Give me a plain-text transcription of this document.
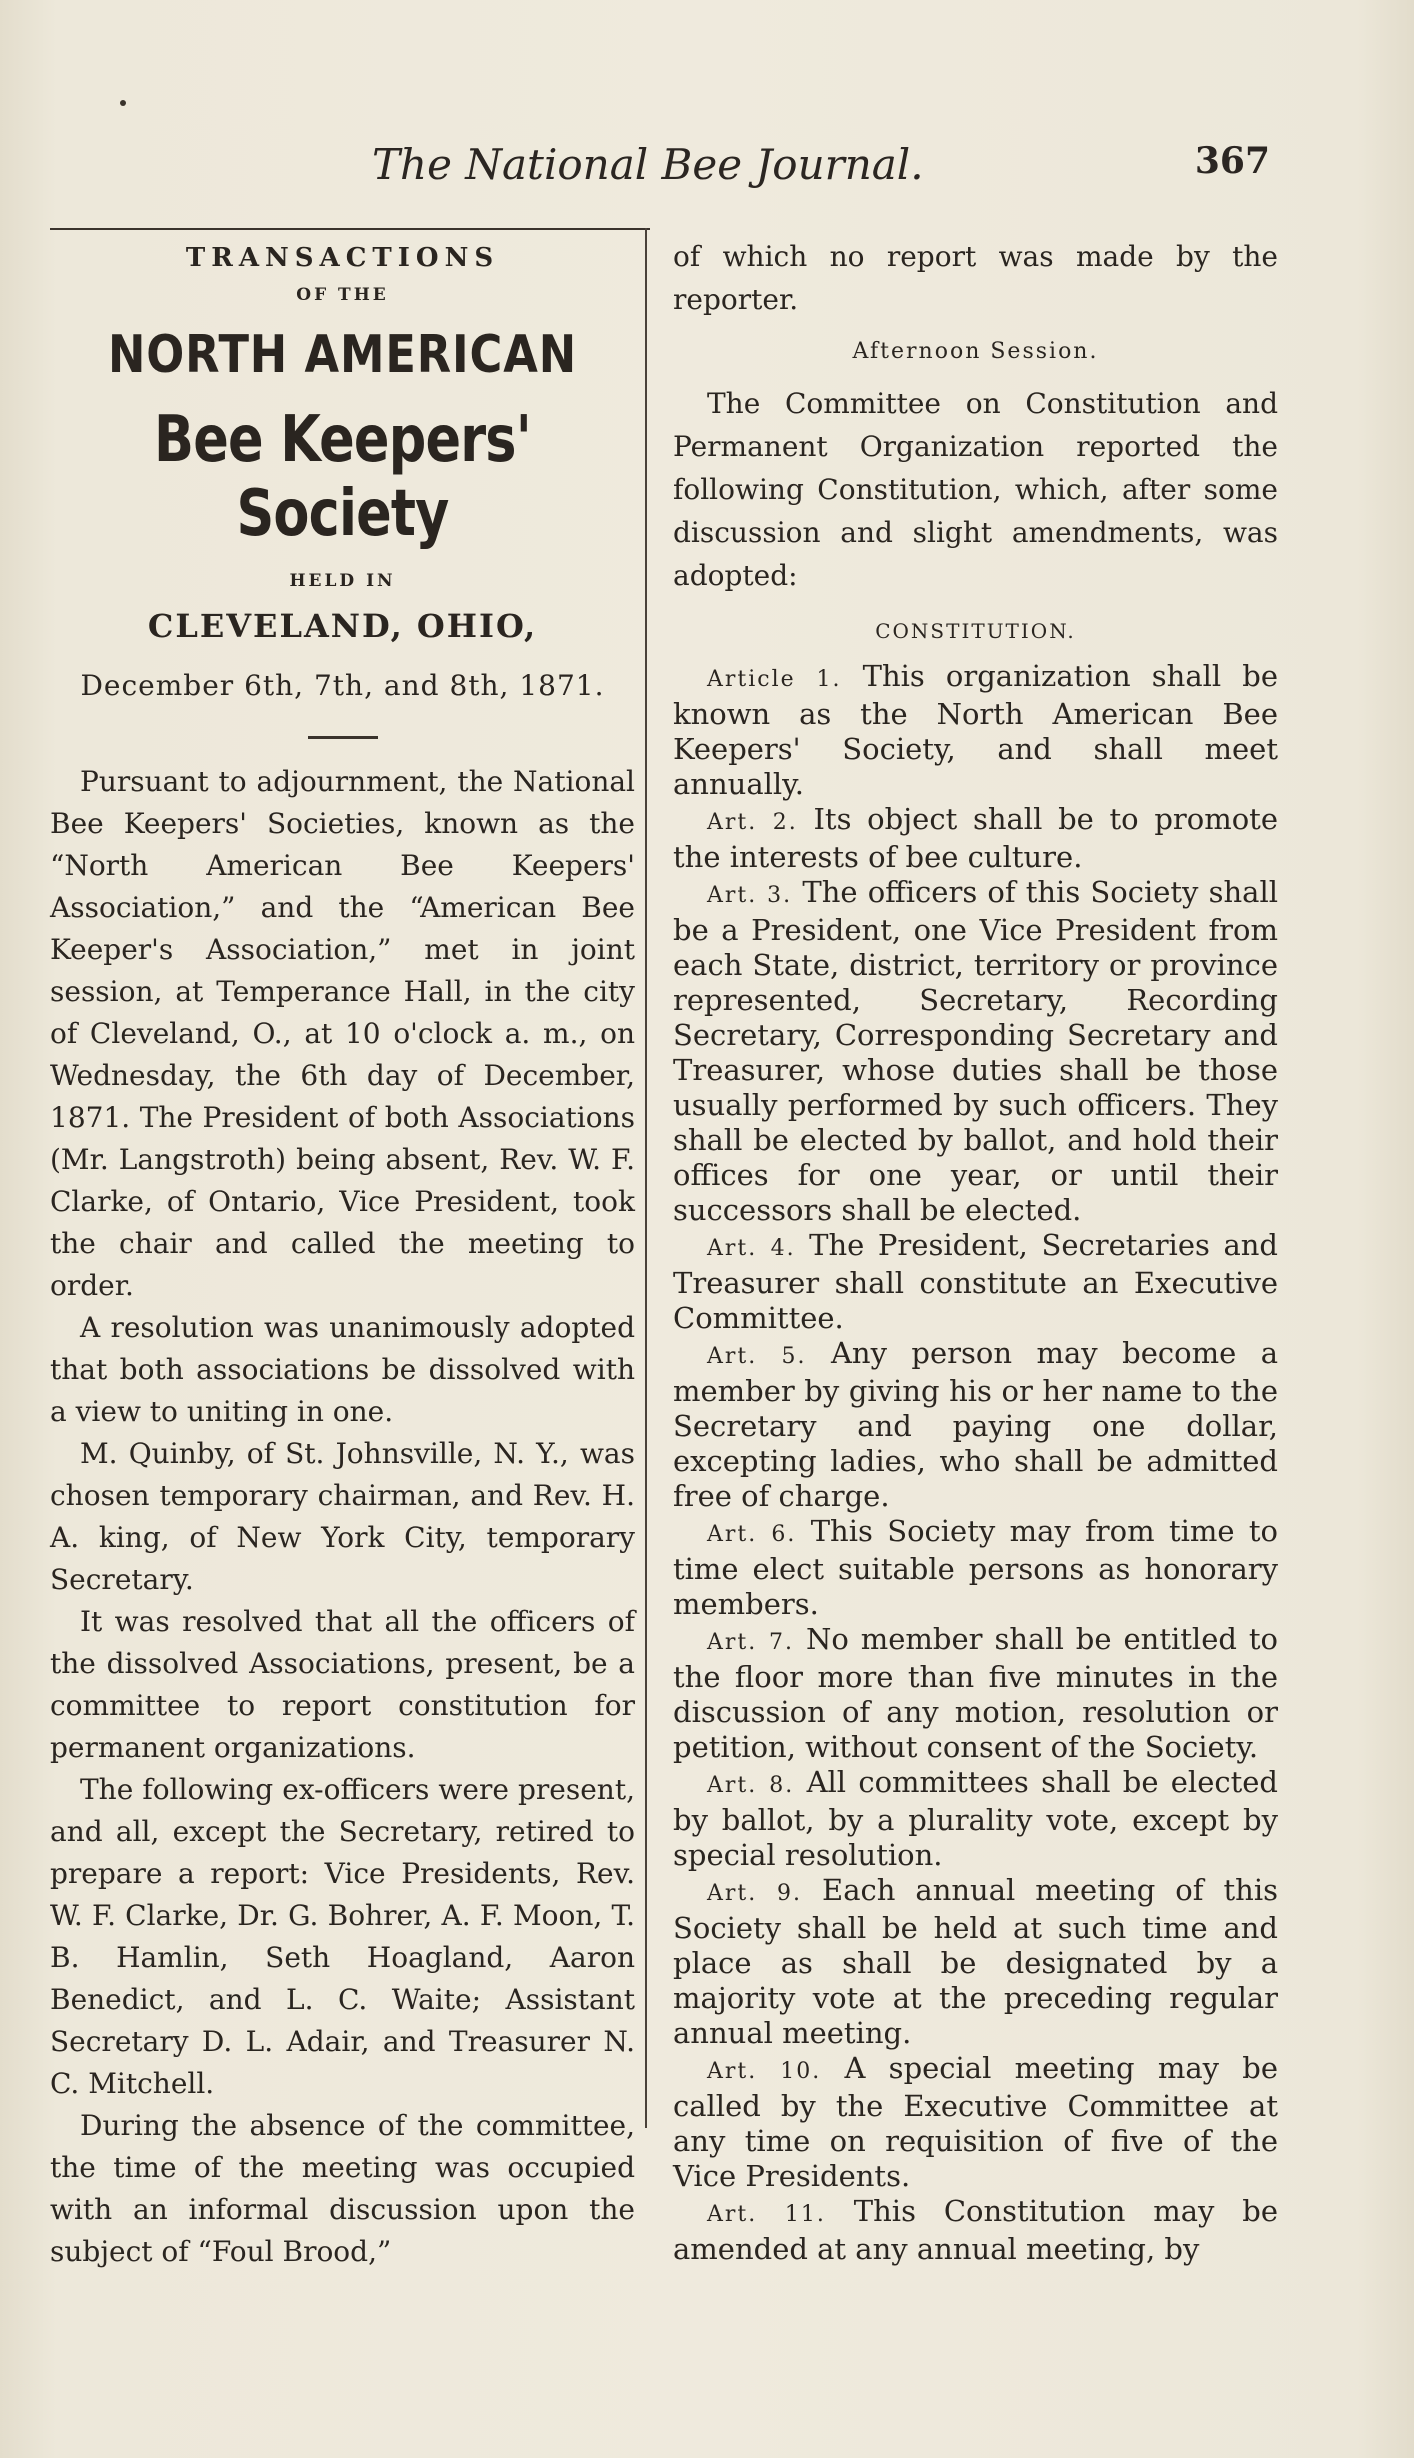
The National Bee Journal.	367
TRANSACTIONS
OF THE
NORTH AMERICAN
Bee Keepers' Society
HELD IN
CLEVELAND, OHIO,
December 6th, 7th, and 8th, 1871.

Pursuant to adjournment, the National Bee Keepers' Societies, known as the “North American Bee Keepers' Association,” and the “American Bee Keeper's Association,” met in joint session, at Temperance Hall, in the city of Cleveland, O., at 10 o'clock a. m., on Wednesday, the 6th day of December, 1871. The President of both Associations (Mr. Langstroth) being absent, Rev. W. F. Clarke, of Ontario, Vice President, took the chair and called the meeting to order.

A resolution was unanimously adopted that both associations be dissolved with a view to uniting in one.

M. Quinby, of St. Johnsville, N. Y., was chosen temporary chairman, and Rev. H. A. king, of New York City, temporary Secretary.

It was resolved that all the officers of the dissolved Associations, present, be a committee to report constitution for permanent organizations.

The following ex-officers were present, and all, except the Secretary, retired to prepare a report: Vice Presidents, Rev. W. F. Clarke, Dr. G. Bohrer, A. F. Moon, T. B. Hamlin, Seth Hoagland, Aaron Benedict, and L. C. Waite; Assistant Secretary D. L. Adair, and Treasurer N. C. Mitchell.

During the absence of the committee, the time of the meeting was occupied with an informal discussion upon the subject of “Foul Brood,”

of which no report was made by the reporter.

Afternoon Session.

The Committee on Constitution and Permanent Organization reported the following Constitution, which, after some discussion and slight amendments, was adopted:

CONSTITUTION.

Article 1. This organization shall be known as the North American Bee Keepers' Society, and shall meet annually.

Art. 2. Its object shall be to promote the interests of bee culture.

Art. 3. The officers of this Society shall be a President, one Vice President from each State, district, territory or province represented, Secretary, Recording Secretary, Corresponding Secretary and Treasurer, whose duties shall be those usually performed by such officers. They shall be elected by ballot, and hold their offices for one year, or until their successors shall be elected.

Art. 4. The President, Secretaries and Treasurer shall constitute an Executive Committee.

Art. 5. Any person may become a member by giving his or her name to the Secretary and paying one dollar, excepting ladies, who shall be admitted free of charge.

Art. 6. This Society may from time to time elect suitable persons as honorary members.

Art. 7. No member shall be entitled to the floor more than five minutes in the discussion of any motion, resolution or petition, without consent of the Society.

Art. 8. All committees shall be elected by ballot, by a plurality vote, except by special resolution.

Art. 9. Each annual meeting of this Society shall be held at such time and place as shall be designated by a majority vote at the preceding regular annual meeting.

Art. 10. A special meeting may be called by the Executive Committee at any time on requisition of five of the Vice Presidents.

Art. 11. This Constitution may be amended at any annual meeting, by
